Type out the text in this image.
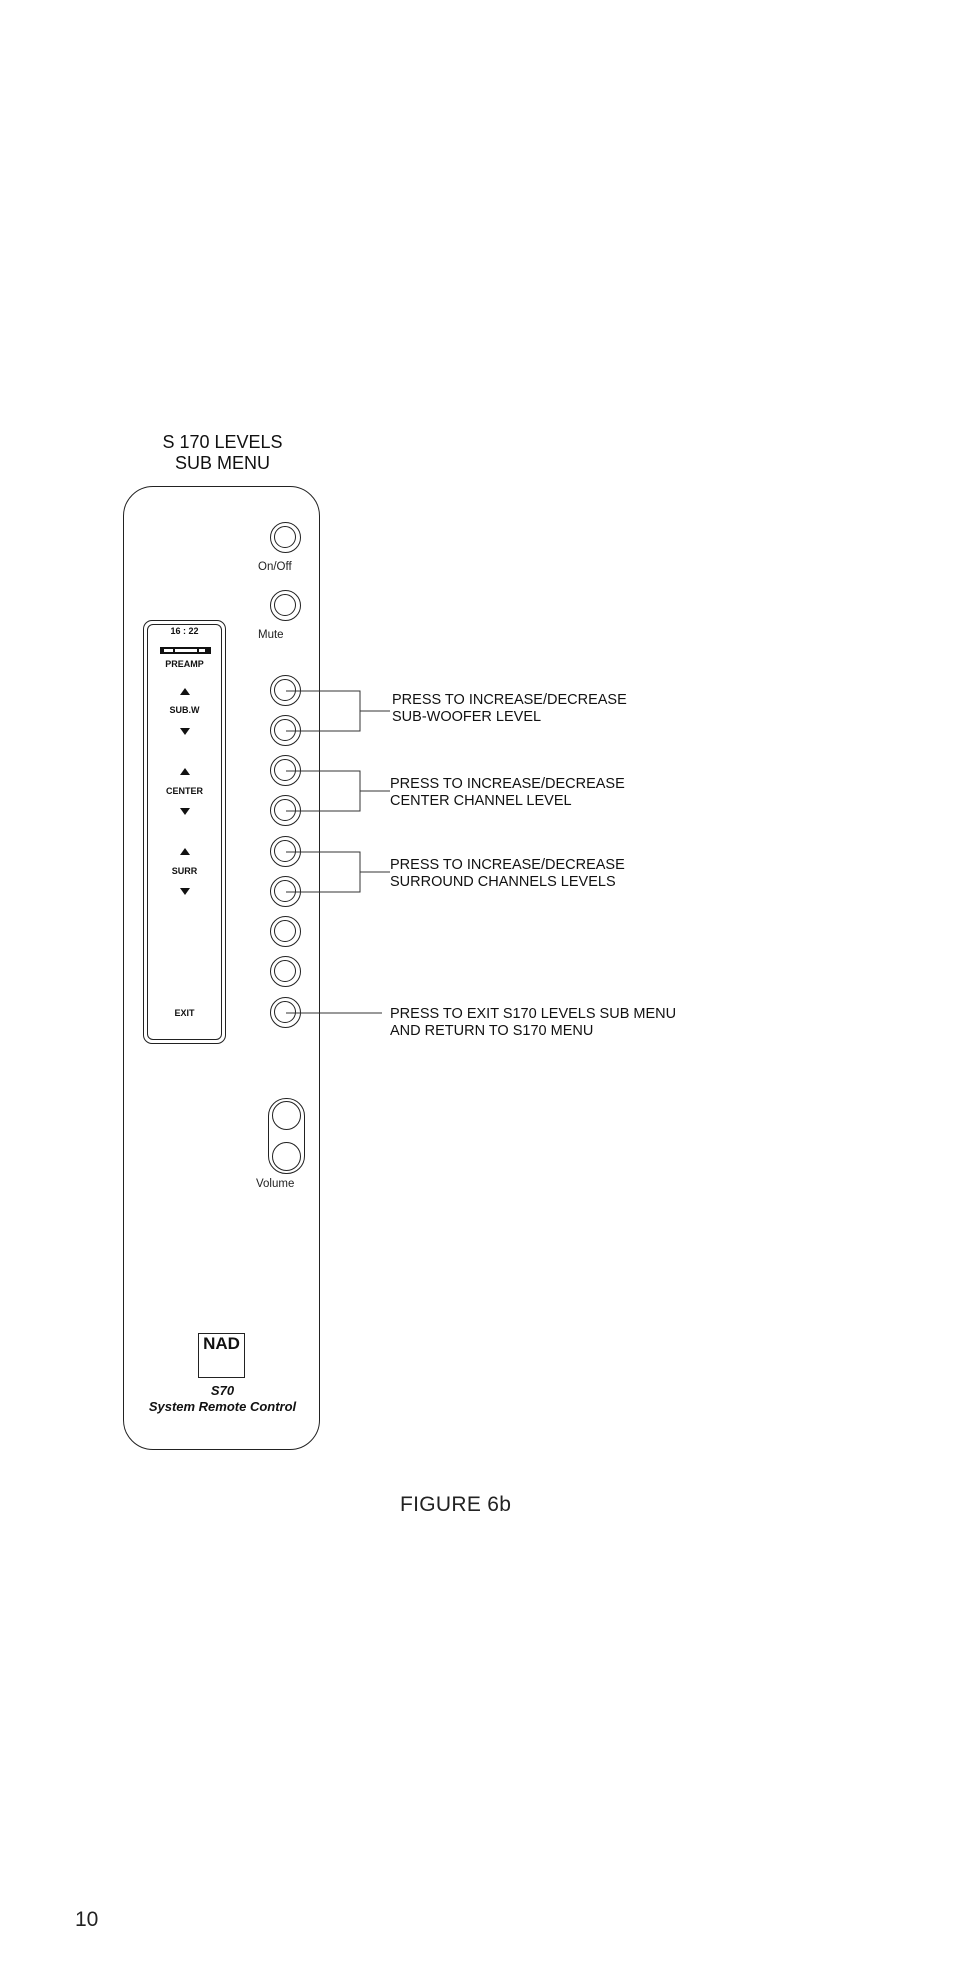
S 170 LEVELS
SUB MENU
16 : 22
PREAMP
SUB.W
CENTER
SURR
EXIT
On/Off
Mute
Volume
NAD
S70
System Remote Control
PRESS TO INCREASE/DECREASE
SUB-WOOFER LEVEL
PRESS TO INCREASE/DECREASE
CENTER CHANNEL LEVEL
PRESS TO INCREASE/DECREASE
SURROUND CHANNELS LEVELS
PRESS TO EXIT S170 LEVELS SUB MENU
AND RETURN TO S170 MENU
FIGURE 6b
10
